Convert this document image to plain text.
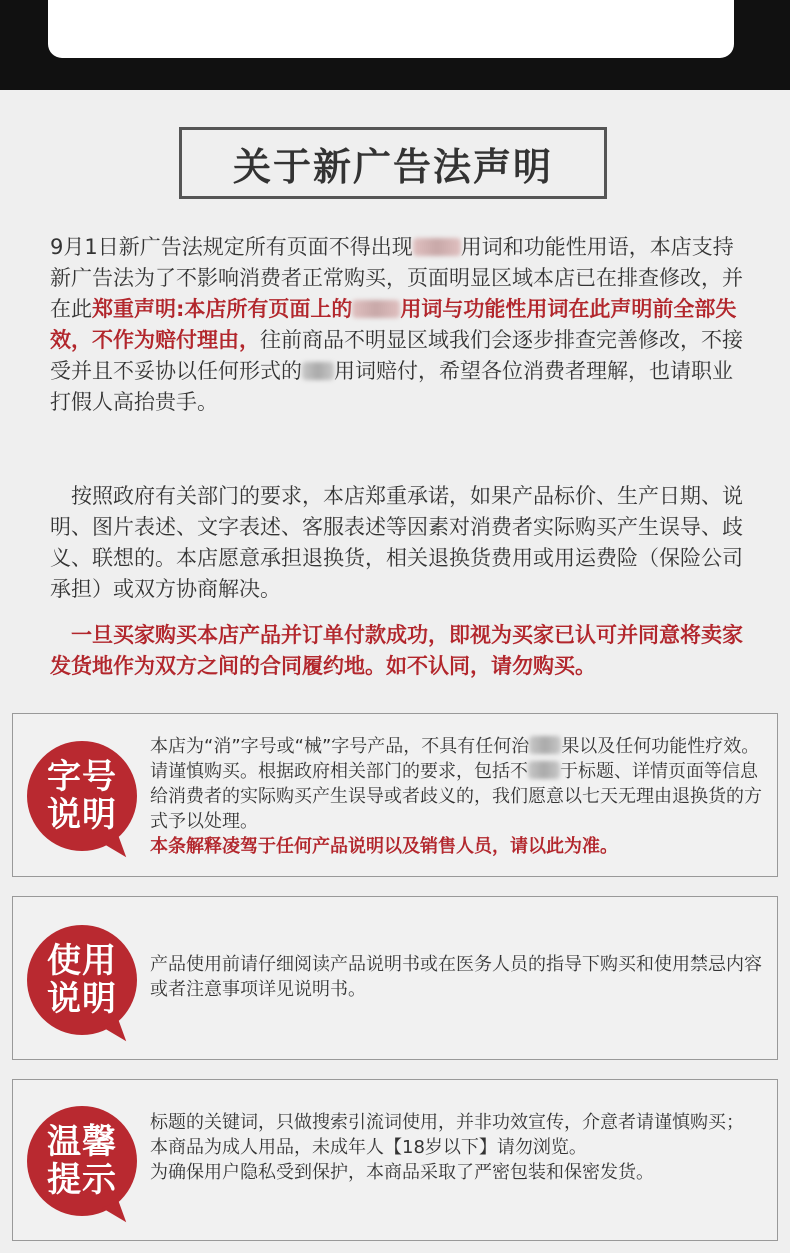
关于新广告法声明
9月1日新广告法规定所有页面不得出现 用词和功能性用语，本店支持新广告法为了不影响消费者正常购买，页面明显区域本店已在排查修改，并在此郑重声明:本店所有页面上的 用词与功能性用词在此声明前全部失效，不作为赔付理由，往前商品不明显区域我们会逐步排查完善修改，不接受并且不妥协以任何形式的 用词赔付，希望各位消费者理解，也请职业打假人高抬贵手。
按照政府有关部门的要求，本店郑重承诺，如果产品标价、生产日期、说明、图片表述、文字表述、客服表述等因素对消费者实际购买产生误导、歧义、联想的。本店愿意承担退换货，相关退换货费用或用运费险（保险公司承担）或双方协商解决。
一旦买家购买本店产品并订单付款成功，即视为买家已认可并同意将卖家发货地作为双方之间的合同履约地。如不认同，请勿购买。
字号
说明
本店为“消”字号或“械”字号产品，不具有任何治 果以及任何功能性疗效。请谨慎购买。根据政府相关部门的要求，包括不 于标题、详情页面等信息给消费者的实际购买产生误导或者歧义的，我们愿意以七天无理由退换货的方式予以处理。
本条解释凌驾于任何产品说明以及销售人员，请以此为准。
使用
说明
产品使用前请仔细阅读产品说明书或在医务人员的指导下购买和使用禁忌内容或者注意事项详见说明书。
温馨
提示
标题的关键词，只做搜索引流词使用，并非功效宣传，介意者请谨慎购买；
本商品为成人用品，未成年人【18岁以下】请勿浏览。
为确保用户隐私受到保护，本商品采取了严密包装和保密发货。
